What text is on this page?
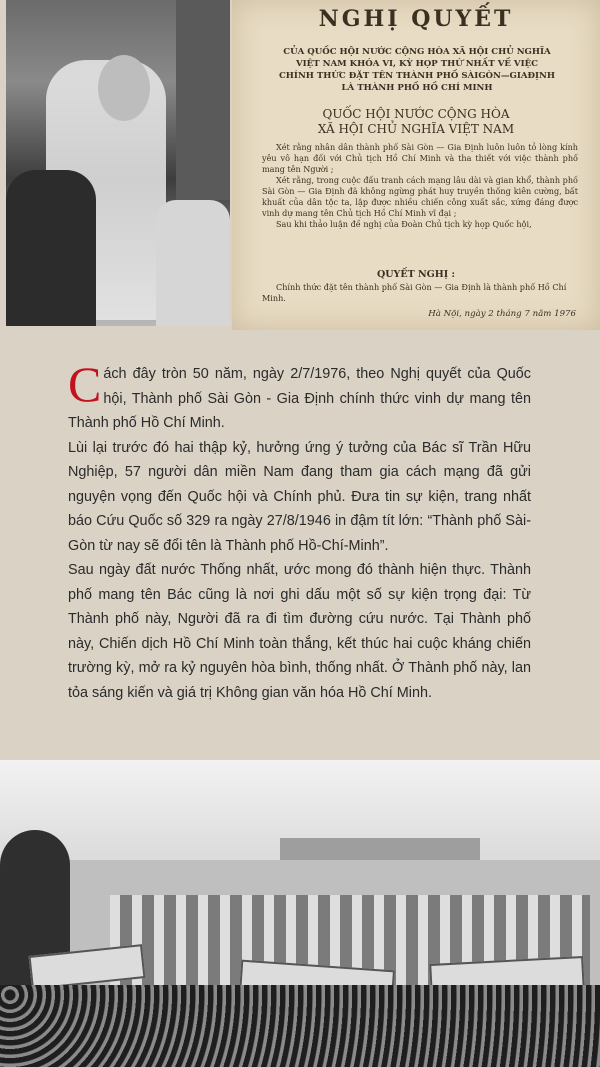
NGHỊ QUYẾT
CỦA QUỐC HỘI NƯỚC CỘNG HÒA XÃ HỘI CHỦ NGHĨA
VIỆT NAM KHÓA VI, KỲ HỌP THỨ NHẤT VỀ VIỆC
CHÍNH THỨC ĐẶT TÊN THÀNH PHỐ SÀIGÒN—GIAĐỊNH
LÀ THÀNH PHỐ HỒ CHÍ MINH
QUỐC HỘI NƯỚC CỘNG HÒA
XÃ HỘI CHỦ NGHĨA VIỆT NAM

Xét rằng nhân dân thành phố Sài Gòn — Gia Định luôn luôn tỏ lòng kính yêu vô hạn đối với Chủ tịch Hồ Chí Minh và tha thiết với việc thành phố mang tên Người ;

Xét rằng, trong cuộc đấu tranh cách mạng lâu dài và gian khổ, thành phố Sài Gòn — Gia Định đã không ngừng phát huy truyền thống kiên cường, bất khuất của dân tộc ta, lập được nhiều chiến công xuất sắc, xứng đáng được vinh dự mang tên Chủ tịch Hồ Chí Minh vĩ đại ;

Sau khi thảo luận đề nghị của Đoàn Chủ tịch kỳ họp Quốc hội,

QUYẾT NGHỊ :
Chính thức đặt tên thành phố Sài Gòn — Gia Định là thành phố Hồ Chí Minh.
Hà Nội, ngày 2 tháng 7 năm 1976

Cách đây tròn 50 năm, ngày 2/7/1976, theo Nghị quyết của Quốc hội, Thành phố Sài Gòn - Gia Định chính thức vinh dự mang tên Thành phố Hồ Chí Minh.

Lùi lại trước đó hai thập kỷ, hưởng ứng ý tưởng của Bác sĩ Trần Hữu Nghiệp, 57 người dân miền Nam đang tham gia cách mạng đã gửi nguyện vọng đến Quốc hội và Chính phủ. Đưa tin sự kiện, trang nhất báo Cứu Quốc số 329 ra ngày 27/8/1946 in đậm tít lớn: “Thành phố Sài-Gòn từ nay sẽ đổi tên là Thành phố Hồ-Chí-Minh”.

Sau ngày đất nước Thống nhất, ước mong đó thành hiện thực. Thành phố mang tên Bác cũng là nơi ghi dấu một số sự kiện trọng đại: Từ Thành phố này, Người đã ra đi tìm đường cứu nước. Tại Thành phố này, Chiến dịch Hồ Chí Minh toàn thắng, kết thúc hai cuộc kháng chiến trường kỳ, mở ra kỷ nguyên hòa bình, thống nhất. Ở Thành phố này, lan tỏa sáng kiến và giá trị Không gian văn hóa Hồ Chí Minh.
